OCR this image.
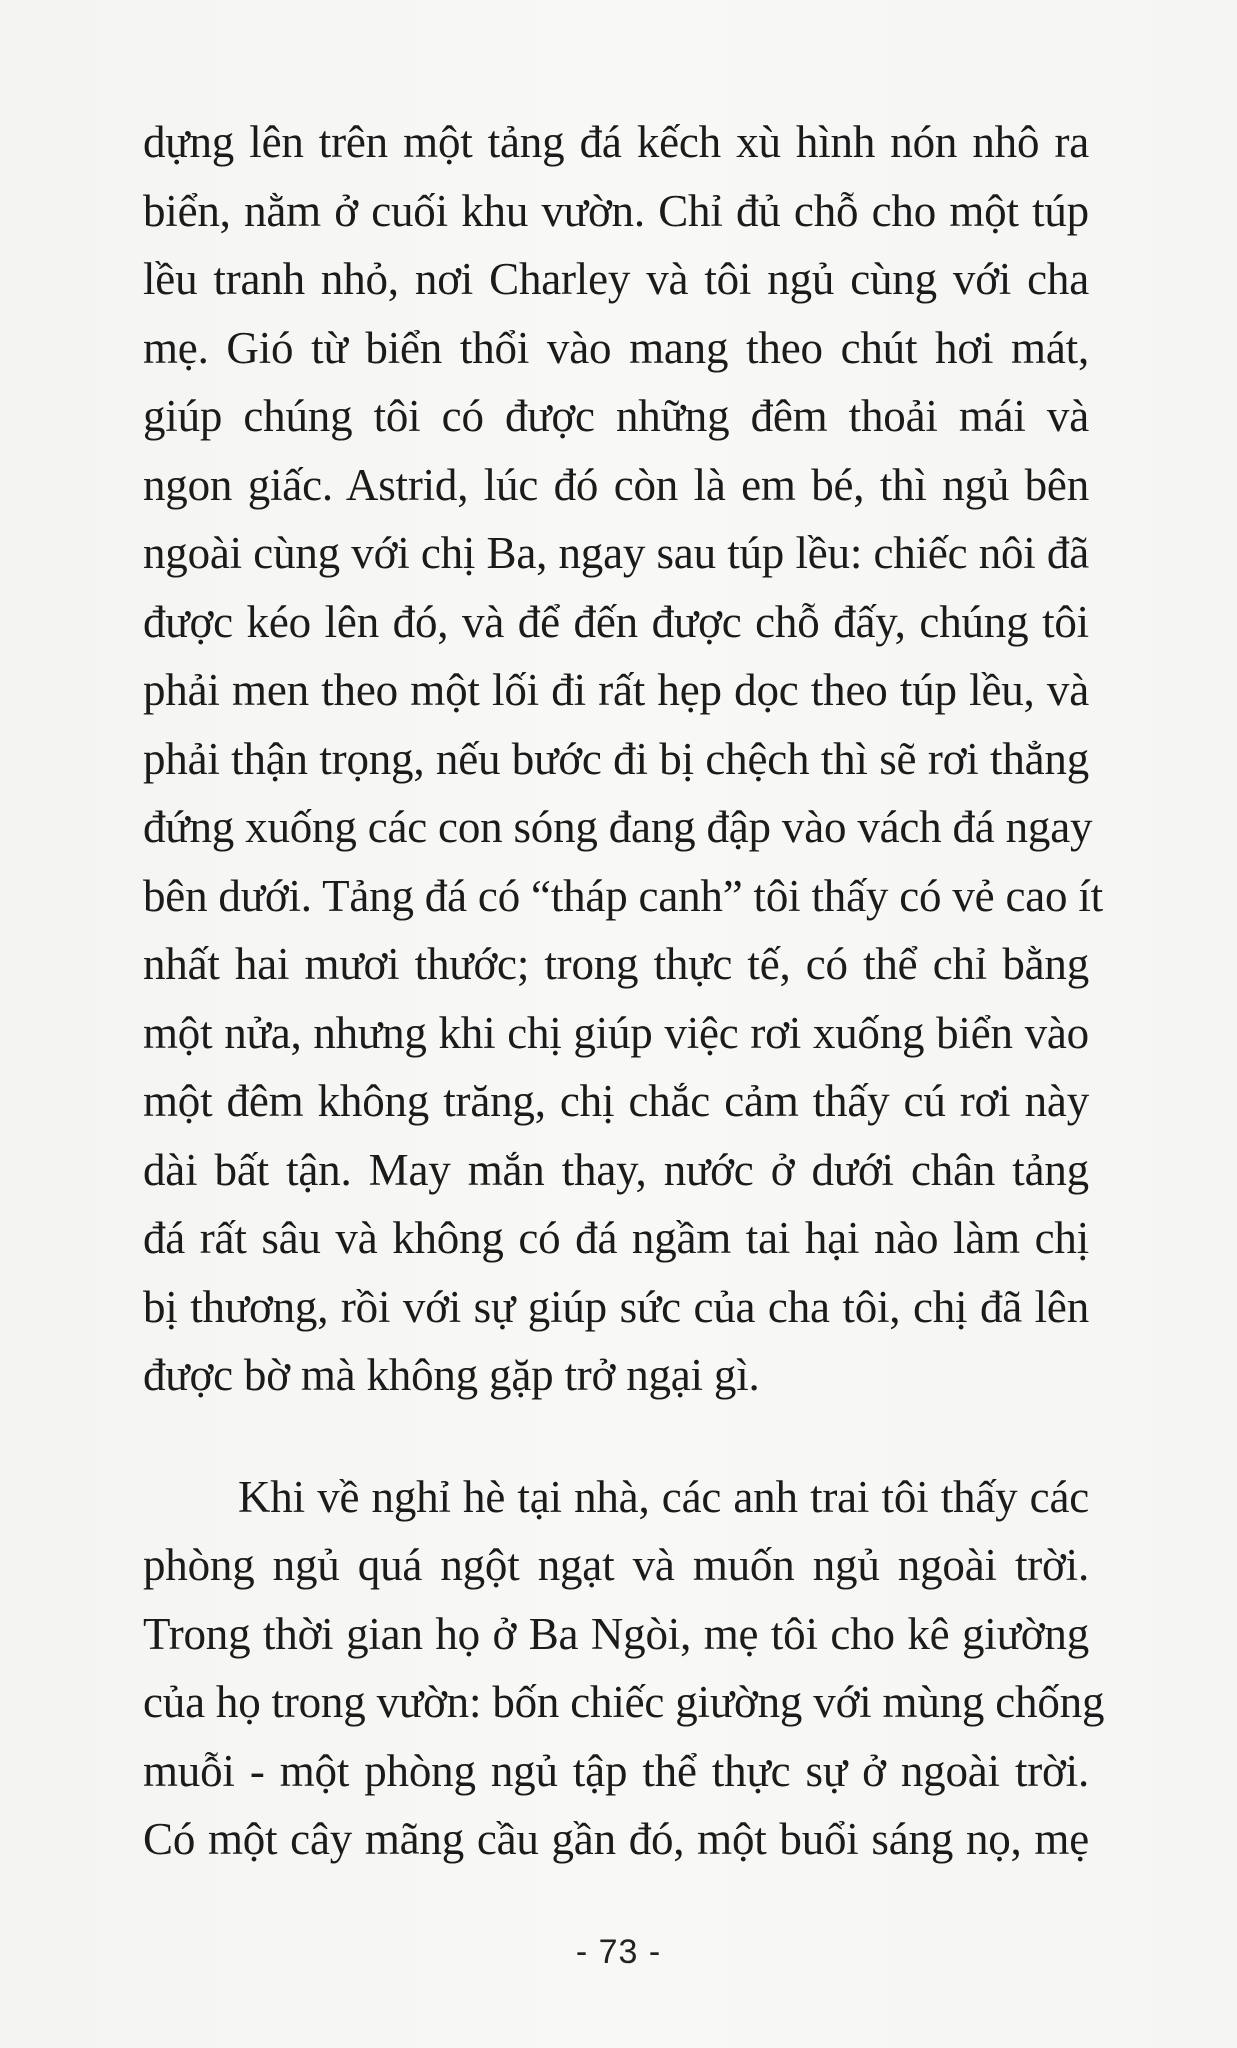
dựng lên trên một tảng đá kếch xù hình nón nhô ra
biển, nằm ở cuối khu vườn. Chỉ đủ chỗ cho một túp
lều tranh nhỏ, nơi Charley và tôi ngủ cùng với cha
mẹ. Gió từ biển thổi vào mang theo chút hơi mát,
giúp chúng tôi có được những đêm thoải mái và
ngon giấc. Astrid, lúc đó còn là em bé, thì ngủ bên
ngoài cùng với chị Ba, ngay sau túp lều: chiếc nôi đã
được kéo lên đó, và để đến được chỗ đấy, chúng tôi
phải men theo một lối đi rất hẹp dọc theo túp lều, và
phải thận trọng, nếu bước đi bị chệch thì sẽ rơi thẳng
đứng xuống các con sóng đang đập vào vách đá ngay
bên dưới. Tảng đá có “tháp canh” tôi thấy có vẻ cao ít
nhất hai mươi thước; trong thực tế, có thể chỉ bằng
một nửa, nhưng khi chị giúp việc rơi xuống biển vào
một đêm không trăng, chị chắc cảm thấy cú rơi này
dài bất tận. May mắn thay, nước ở dưới chân tảng
đá rất sâu và không có đá ngầm tai hại nào làm chị
bị thương, rồi với sự giúp sức của cha tôi, chị đã lên
được bờ mà không gặp trở ngại gì.

Khi về nghỉ hè tại nhà, các anh trai tôi thấy các
phòng ngủ quá ngột ngạt và muốn ngủ ngoài trời.
Trong thời gian họ ở Ba Ngòi, mẹ tôi cho kê giường
của họ trong vườn: bốn chiếc giường với mùng chống
muỗi - một phòng ngủ tập thể thực sự ở ngoài trời.
Có một cây mãng cầu gần đó, một buổi sáng nọ, mẹ

- 73 -
